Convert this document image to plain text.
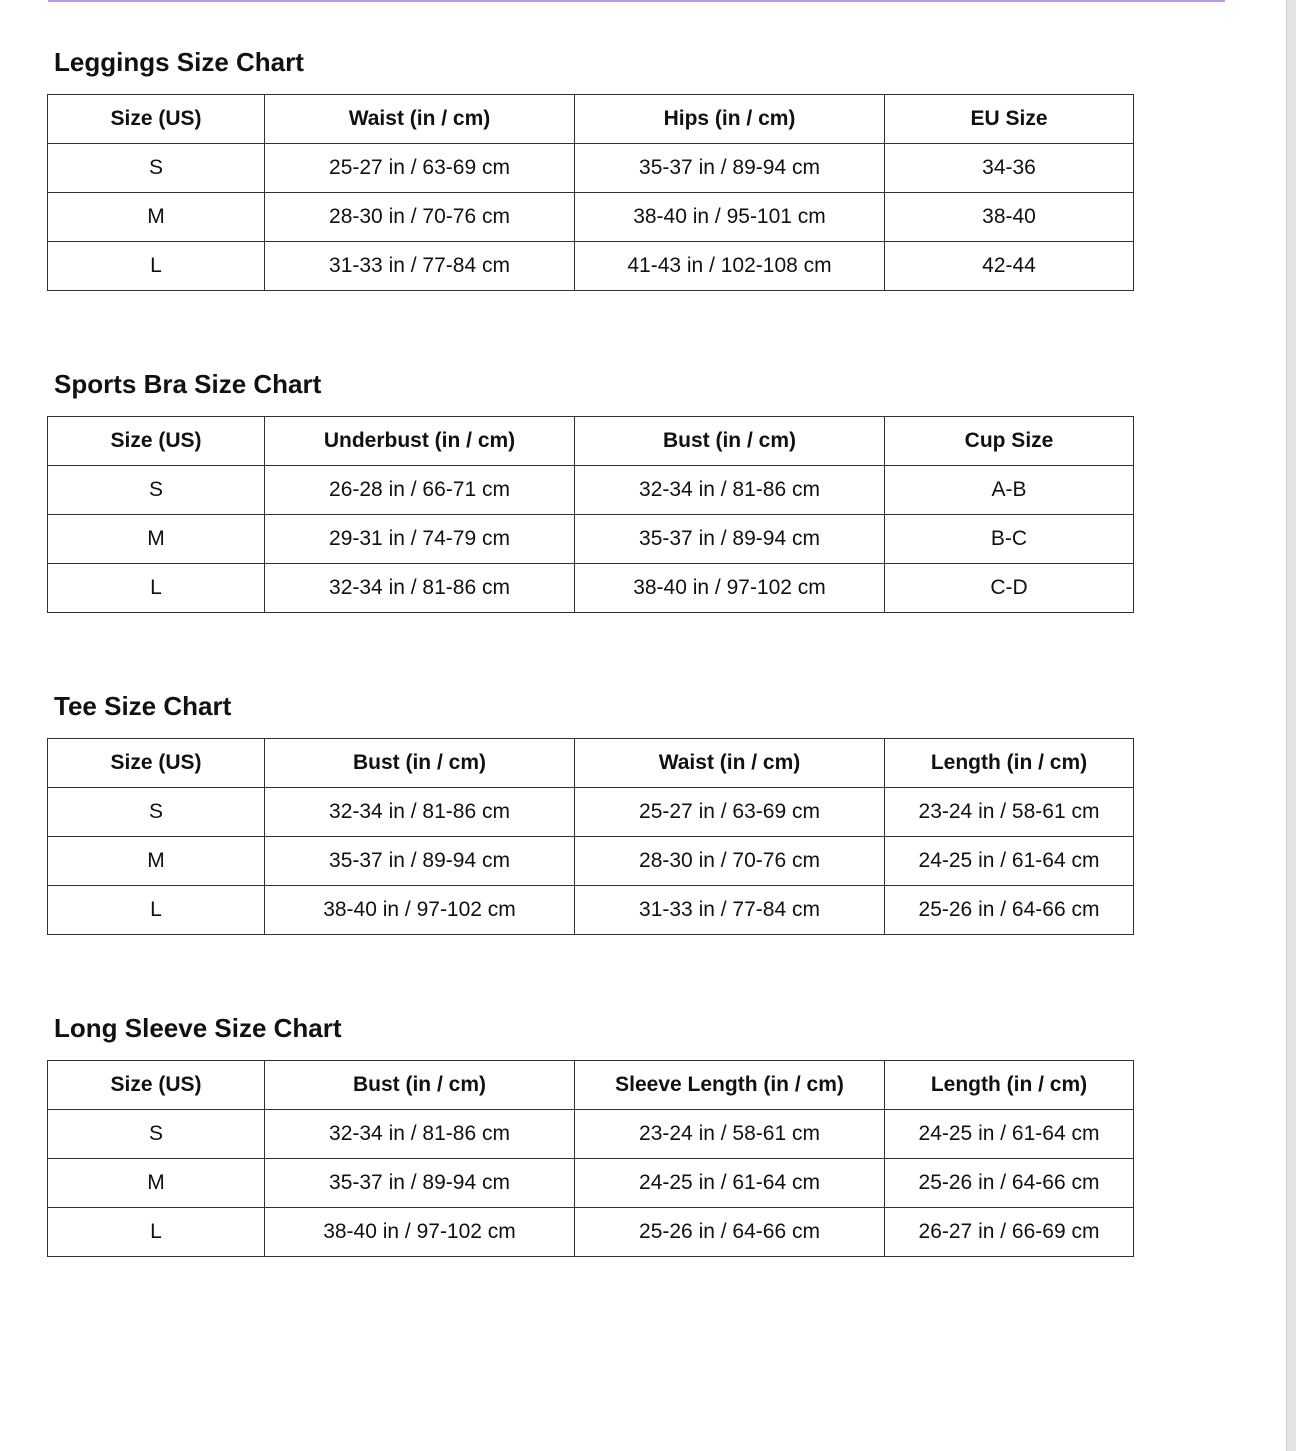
Leggings Size Chart
Size (US)	Waist (in / cm)	Hips (in / cm)	EU Size
S	25-27 in / 63-69 cm	35-37 in / 89-94 cm	34-36
M	28-30 in / 70-76 cm	38-40 in / 95-101 cm	38-40
L	31-33 in / 77-84 cm	41-43 in / 102-108 cm	42-44
Sports Bra Size Chart
Size (US)	Underbust (in / cm)	Bust (in / cm)	Cup Size
S	26-28 in / 66-71 cm	32-34 in / 81-86 cm	A-B
M	29-31 in / 74-79 cm	35-37 in / 89-94 cm	B-C
L	32-34 in / 81-86 cm	38-40 in / 97-102 cm	C-D
Tee Size Chart
Size (US)	Bust (in / cm)	Waist (in / cm)	Length (in / cm)
S	32-34 in / 81-86 cm	25-27 in / 63-69 cm	23-24 in / 58-61 cm
M	35-37 in / 89-94 cm	28-30 in / 70-76 cm	24-25 in / 61-64 cm
L	38-40 in / 97-102 cm	31-33 in / 77-84 cm	25-26 in / 64-66 cm
Long Sleeve Size Chart
Size (US)	Bust (in / cm)	Sleeve Length (in / cm)	Length (in / cm)
S	32-34 in / 81-86 cm	23-24 in / 58-61 cm	24-25 in / 61-64 cm
M	35-37 in / 89-94 cm	24-25 in / 61-64 cm	25-26 in / 64-66 cm
L	38-40 in / 97-102 cm	25-26 in / 64-66 cm	26-27 in / 66-69 cm
